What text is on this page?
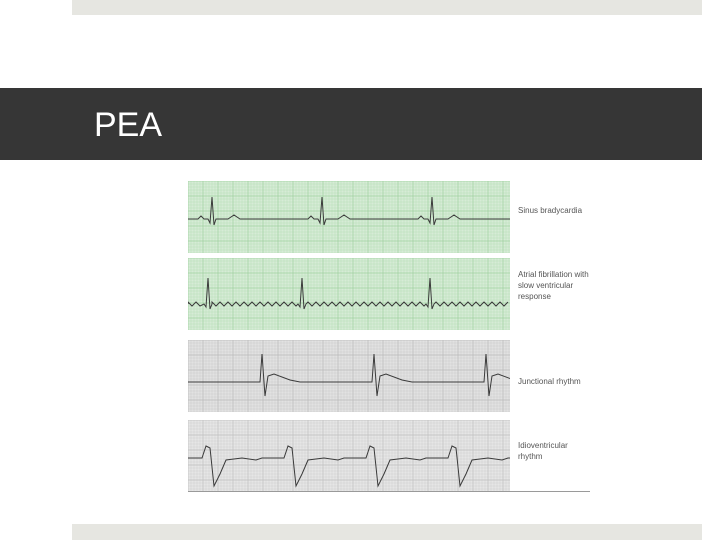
PEA
Sinus bradycardia
Atrial fibrillation with slow ventricular response
Junctional rhythm
Idioventricular rhythm
